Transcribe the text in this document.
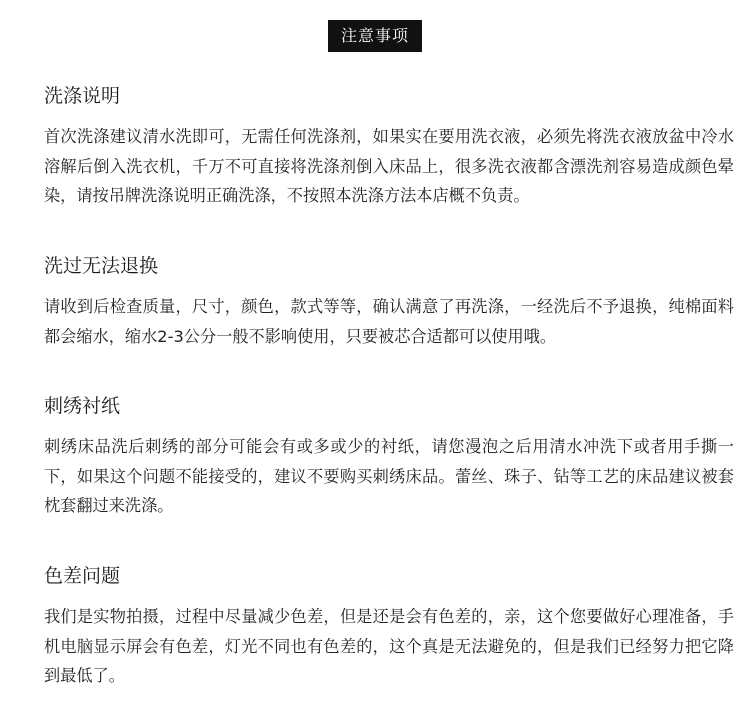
注意事项
洗涤说明

首次洗涤建议清水洗即可，无需任何洗涤剂，如果实在要用洗衣液，必须先将洗衣液放盆中冷水溶解后倒入洗衣机，千万不可直接将洗涤剂倒入床品上，很多洗衣液都含漂洗剂容易造成颜色晕染，请按吊牌洗涤说明正确洗涤，不按照本洗涤方法本店概不负责。

洗过无法退换

请收到后检查质量，尺寸，颜色，款式等等，确认满意了再洗涤，一经洗后不予退换，纯棉面料都会缩水，缩水2-3公分一般不影响使用，只要被芯合适都可以使用哦。

刺绣衬纸

刺绣床品洗后刺绣的部分可能会有或多或少的衬纸，请您漫泡之后用清水冲洗下或者用手撕一下，如果这个问题不能接受的，建议不要购买刺绣床品。蕾丝、珠子、钻等工艺的床品建议被套枕套翻过来洗涤。

色差问题

我们是实物拍摄，过程中尽量减少色差，但是还是会有色差的，亲，这个您要做好心理准备，手机电脑显示屏会有色差，灯光不同也有色差的，这个真是无法避免的，但是我们已经努力把它降到最低了。
